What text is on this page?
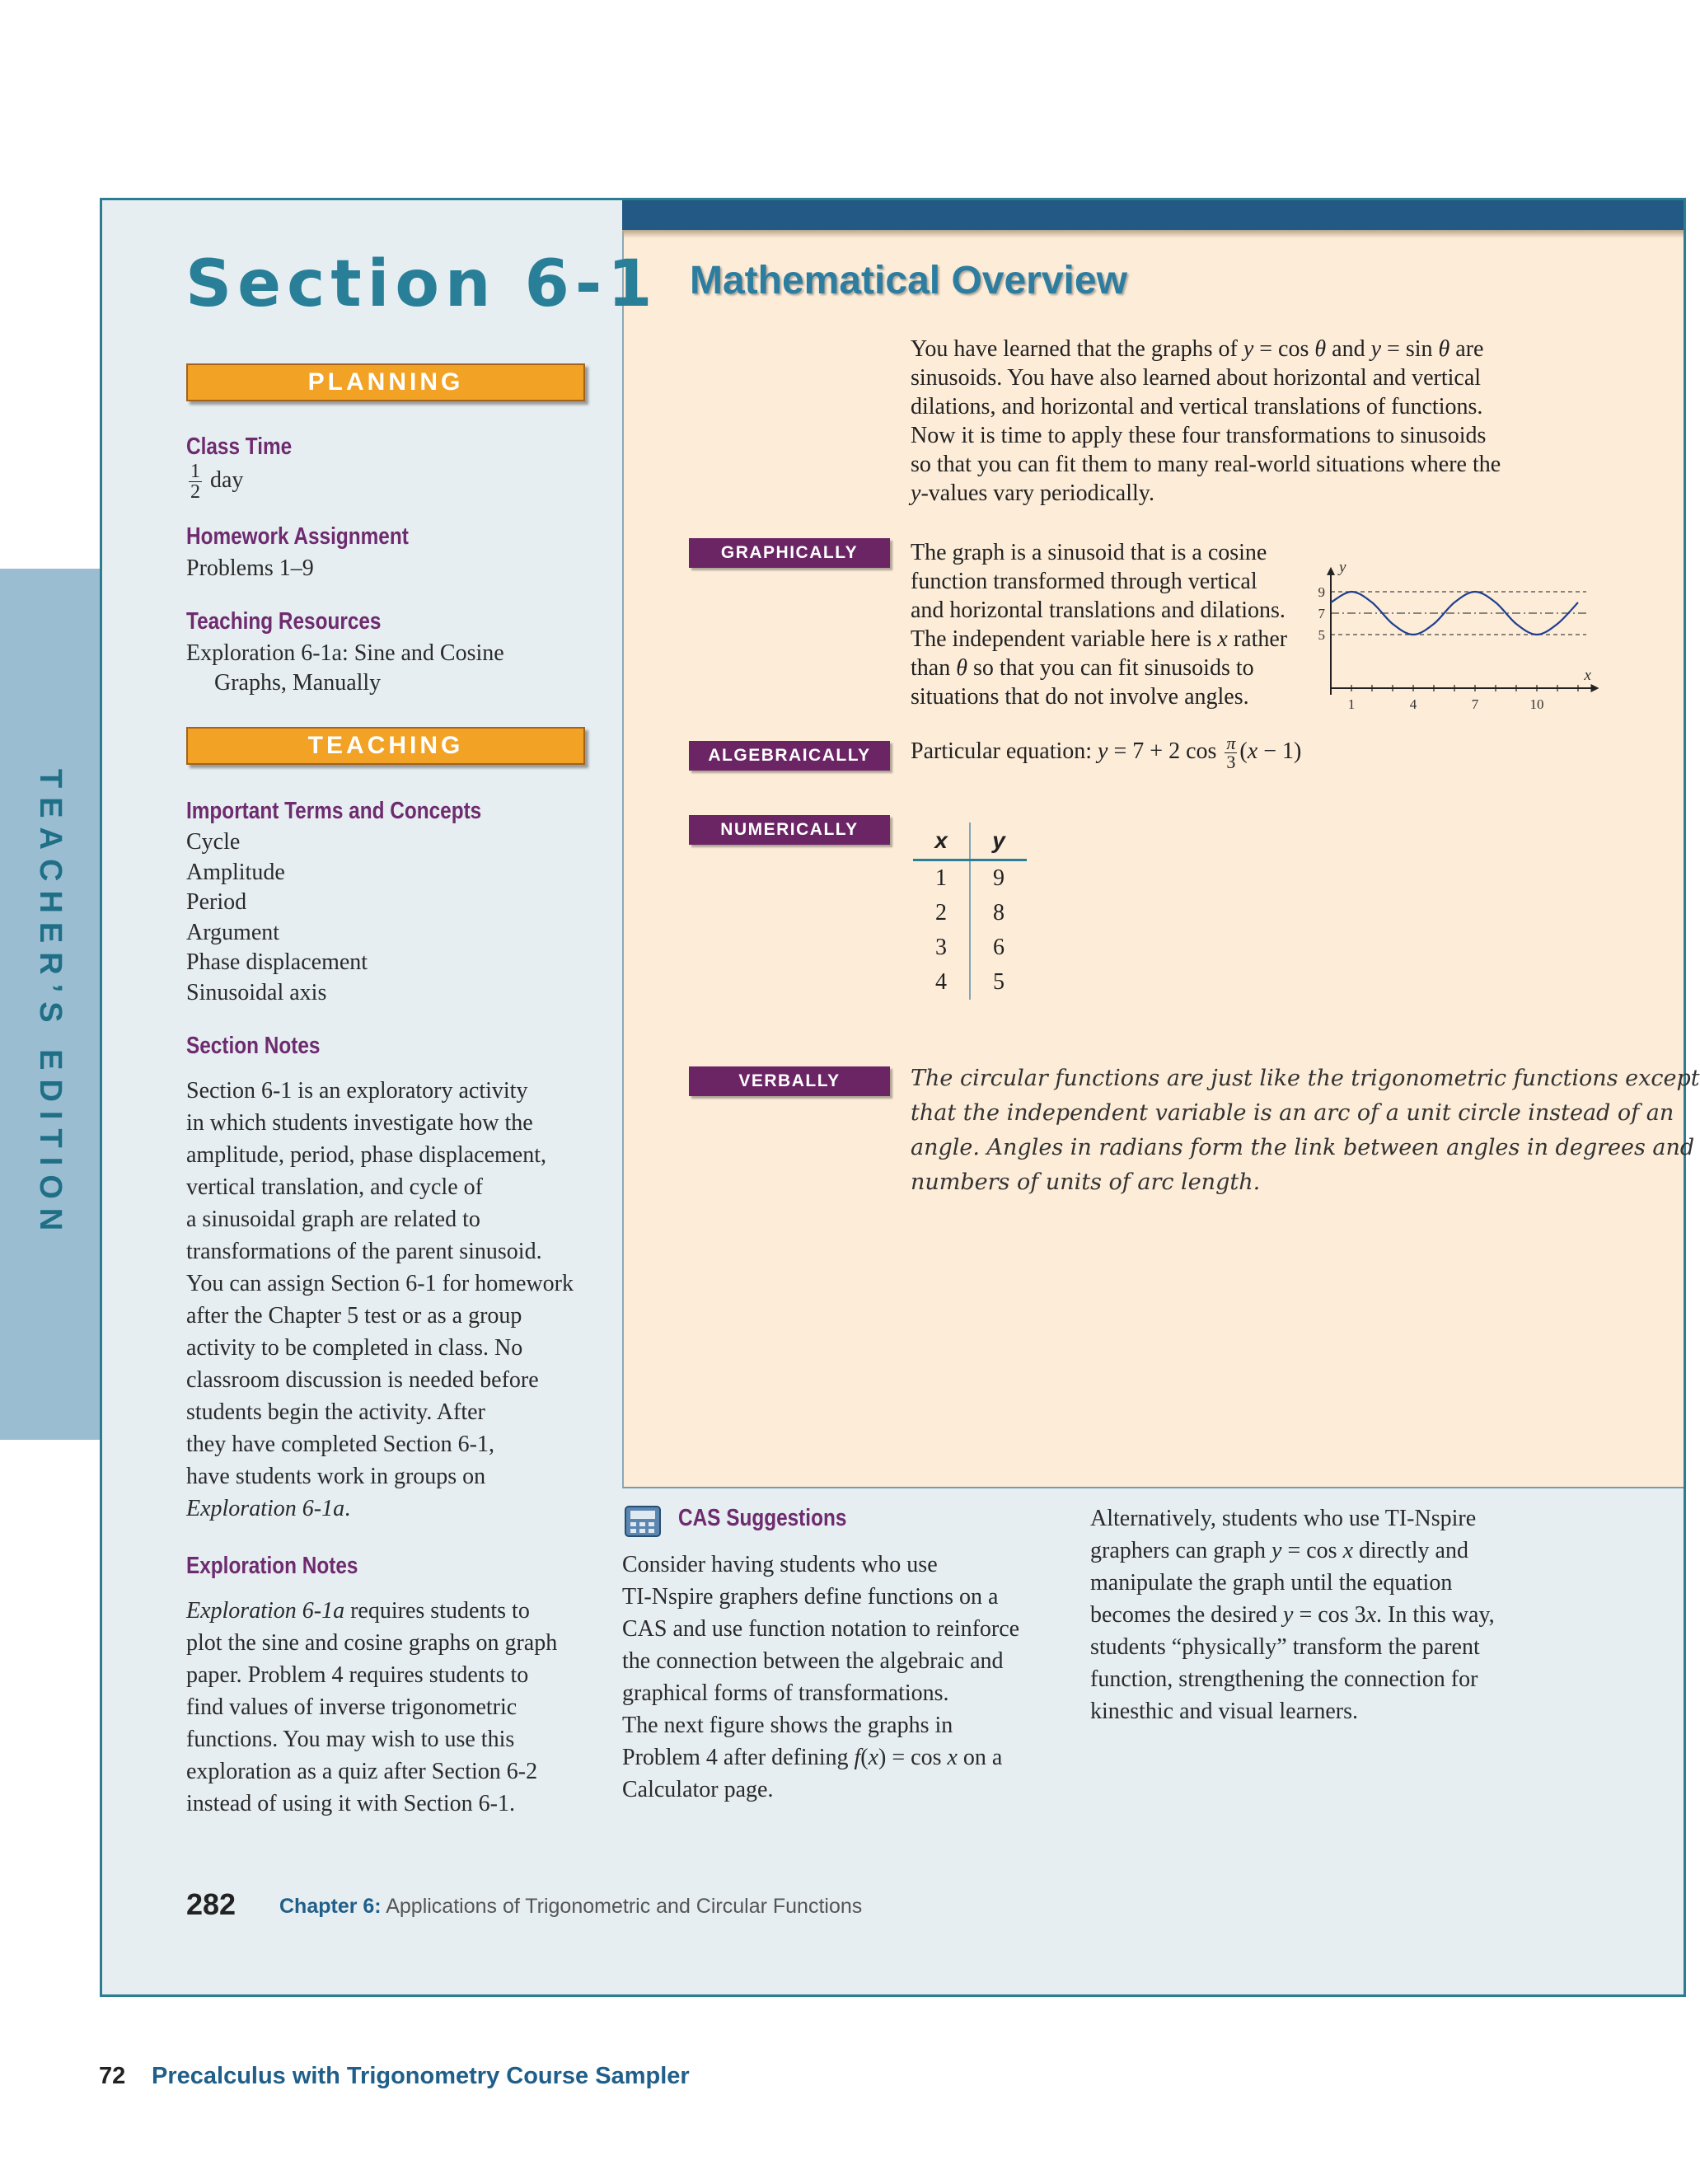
TEACHER’S EDITION
Section 6-1
PLANNING
Class Time
$\frac{1}{2}$ day
Homework Assignment
Problems 1–9
Teaching Resources
Exploration 6-1a: Sine and Cosine
Graphs, Manually
TEACHING
Important Terms and Concepts
Cycle
Amplitude
Period
Argument
Phase displacement
Sinusoidal axis
Section Notes
Section 6-1 is an exploratory activity
in which students investigate how the
amplitude, period, phase displacement,
vertical translation, and cycle of
a sinusoidal graph are related to
transformations of the parent sinusoid.
You can assign Section 6-1 for homework
after the Chapter 5 test or as a group
activity to be completed in class. No
classroom discussion is needed before
students begin the activity. After
they have completed Section 6-1,
have students work in groups on
Exploration 6-1a.
Exploration Notes
Exploration 6-1a requires students to
plot the sine and cosine graphs on graph
paper. Problem 4 requires students to
find values of inverse trigonometric
functions. You may wish to use this
exploration as a quiz after Section 6-2
instead of using it with Section 6-1.
Mathematical Overview
You have learned that the graphs of y = cos θ and y = sin θ are
sinusoids. You have also learned about horizontal and vertical
dilations, and horizontal and vertical translations of functions.
Now it is time to apply these four transformations to sinusoids
so that you can fit them to many real-world situations where the
y-values vary periodically.
GRAPHICALLY	The graph is a sinusoid that is a cosine
function transformed through vertical
and horizontal translations and dilations.
The independent variable here is x rather
than θ so that you can fit sinusoids to
situations that do not involve angles.	1	4	7	10
9
7
5
y
x
ALGEBRAICALLY	Particular equation: y = 7 + 2 $\cos \frac{\pi}{3} (x - 1)$
NUMERICALLY	x	y
1	9
2	8
3	6
4	5
VERBALLY	The circular functions are just like the trigonometric functions except
that the independent variable is an arc of a unit circle instead of an
angle. Angles in radians form the link between angles in degrees and
numbers of units of arc length.
CAS Suggestions
Consider having students who use
TI-Nspire graphers define functions on a
CAS and use function notation to reinforce
the connection between the algebraic and
graphical forms of transformations.
The next figure shows the graphs in
Problem 4 after defining f(x) = cos x on a
Calculator page.
Alternatively, students who use TI-Nspire
graphers can graph y = cos x directly and
manipulate the graph until the equation
becomes the desired y = cos 3x. In this way,
students “physically” transform the parent
function, strengthening the connection for
kinesthic and visual learners.
282 Chapter 6: Applications of Trigonometric and Circular Functions
72 Precalculus with Trigonometry Course Sampler
